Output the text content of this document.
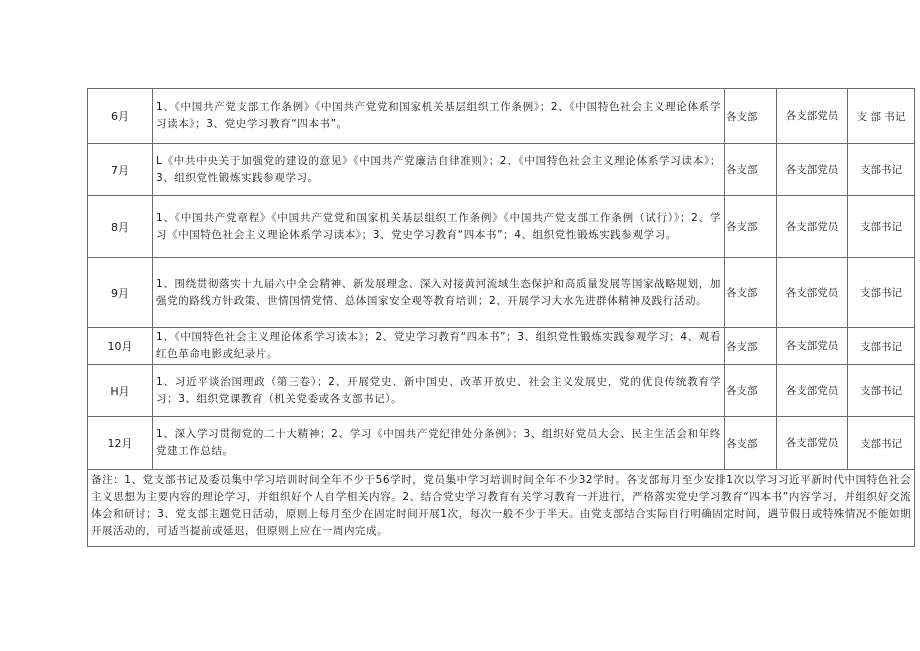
6月	1、《中国共产党支部工作条例》《中国共产党党和国家机关基层组织工作条例》；2、《中国特色社会主义理论体系学习读本》；3、党史学习教育“四本书”。	各支部	各支部党员	支 部 书记
7月	L《中共中央关于加强党的建设的意见》《中国共产党廉洁自律准则》；2、《中国特色社会主义理论体系学习读本》；3、组织党性锻炼实践参观学习。	各支部	各支部党员	支部书记
8月	1、《中国共产党章程》《中国共产党党和国家机关基层组织工作条例》《中国共产党支部工作条例（试行）》；2、学习《中国特色社会主义理论体系学习读本》；3、党史学习教育“四本书”；4、组织党性锻炼实践参观学习。	各支部	各支部党员	支部书记
9月	1、围绕贯彻落实十九届六中全会精神、新发展理念、深入对接黄河流域生态保护和高质量发展等国家战略规划，加强党的路线方针政策、世情国情党情、总体国家安全观等教育培训；2、开展学习大水先进群体精神及践行活动。	各支部	各支部党员	支部书记
10月	1、《中国特色社会主义理论体系学习读本》；2、党史学习教育“四本书”；3、组织党性锻炼实践参观学习；4、观看红色革命电影或纪录片。	各支部	各支部党员	支部书记
H月	1、习近平谈治国理政（第三卷）；2、开展党史、新中国史、改革开放史、社会主义发展史，党的优良传统教育学习；3、组织党课教育（机关党委或各支部书记）。	各支部	各支部党员	支部书记
12月	1、深入学习贯彻党的二十大精神；2、学习《中国共产党纪律处分条例》；3、组织好党员大会、民主生活会和年终党建工作总结。	各支部	各支部党员	支部书记
备注：1、党支部书记及委员集中学习培训时间全年不少于56学时，党员集中学习培训时间全年不少32学时。各支部每月至少安排1次以学习习近平新时代中国特色社会主义思想为主要内容的理论学习，并组织好个人自学相关内容。2、结合党史学习教育有关学习教育一并进行，严格落实党史学习教育“四本书”内容学习，并组织好交流体会和研讨；3、党支部主题党日活动，原则上每月至少在固定时间开展1次，每次一般不少于半天。由党支部结合实际自行明确固定时间，遇节假日或特殊情况不能如期开展活动的，可适当提前或延迟，但原则上应在一周内完成。				
